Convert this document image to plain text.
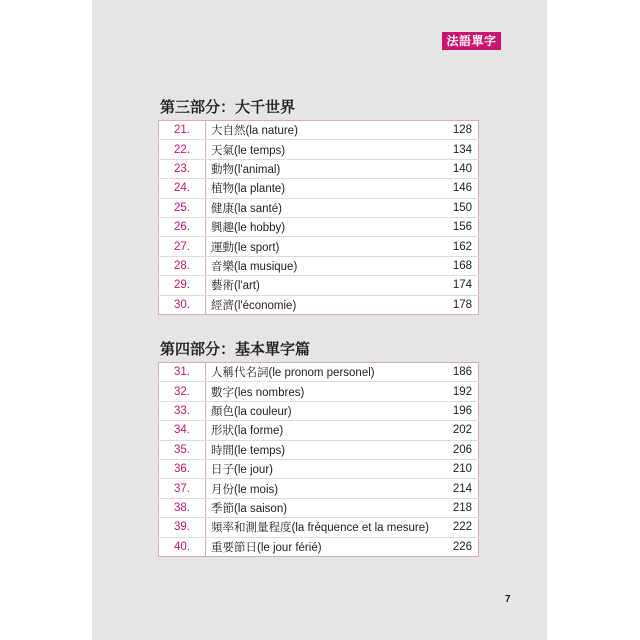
法語單字
第三部分：大千世界
21.	大自然(la nature)	128
22.	天氣(le temps)	134
23.	動物(l'animal)	140
24.	植物(la plante)	146
25.	健康(la santé)	150
26.	興趣(le hobby)	156
27.	運動(le sport)	162
28.	音樂(la musique)	168
29.	藝術(l'art)	174
30.	經濟(l'économie)	178
第四部分：基本單字篇
31.	人稱代名詞(le pronom personel)	186
32.	數字(les nombres)	192
33.	顏色(la couleur)	196
34.	形狀(la forme)	202
35.	時間(le temps)	206
36.	日子(le jour)	210
37.	月份(le mois)	214
38.	季節(la saison)	218
39.	頻率和測量程度(la fréquence et la mesure)	222
40.	重要節日(le jour férié)	226
7
